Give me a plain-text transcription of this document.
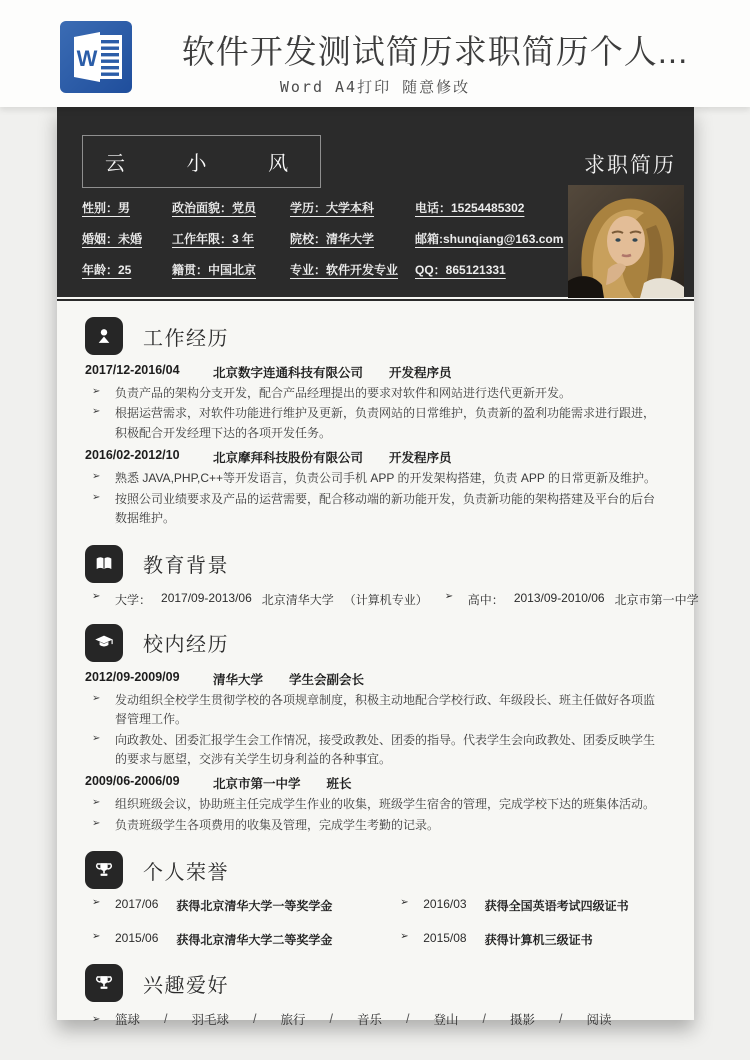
W	软件开发测试简历求职简历个人...
Word A4打印 随意修改
云 小 风	求职简历
性别：男	政治面貌：党员	学历：大学本科	电话：15254485302
婚姻：未婚	工作年限：3 年	院校：清华大学	邮箱:shunqiang@163.com
年龄：25	籍贯：中国北京	专业：软件开发专业	QQ：865121331
工作经历
2017/12-2016/04	北京数字连通科技有限公司 开发程序员
➢	负责产品的架构分支开发，配合产品经理提出的要求对软件和网站进行迭代更新开发。
➢	根据运营需求，对软件功能进行维护及更新，负责网站的日常维护，负责新的盈利功能需求进行跟进，积极配合开发经理下达的各项开发任务。
2016/02-2012/10	北京摩拜科技股份有限公司 开发程序员
➢	熟悉 JAVA,PHP,C++等开发语言，负责公司手机 APP 的开发架构搭建，负责 APP 的日常更新及维护。
➢	按照公司业绩要求及产品的运营需要，配合移动端的新功能开发，负责新功能的架构搭建及平台的后台数据维护。
教育背景
➢	大学： 2017/09-2013/06 北京清华大学 （计算机专业）	➢	高中： 2013/09-2010/06 北京市第一中学
校内经历
2012/09-2009/09	清华大学 学生会副会长
➢	发动组织全校学生贯彻学校的各项规章制度，积极主动地配合学校行政、年级段长、班主任做好各项监督管理工作。
➢	向政教处、团委汇报学生会工作情况，接受政教处、团委的指导。代表学生会向政教处、团委反映学生的要求与愿望，交涉有关学生切身利益的各种事宜。
2009/06-2006/09	北京市第一中学 班长
➢	组织班级会议，协助班主任完成学生作业的收集，班级学生宿舍的管理，完成学校下达的班集体活动。
➢	负责班级学生各项费用的收集及管理，完成学生考勤的记录。
个人荣誉
➢	2017/06 获得北京清华大学一等奖学金	➢	2016/03 获得全国英语考试四级证书
➢	2015/06 获得北京清华大学二等奖学金	➢	2015/08 获得计算机三级证书
兴趣爱好
➢	篮球 / 羽毛球 / 旅行 / 音乐 / 登山 / 摄影 / 阅读
